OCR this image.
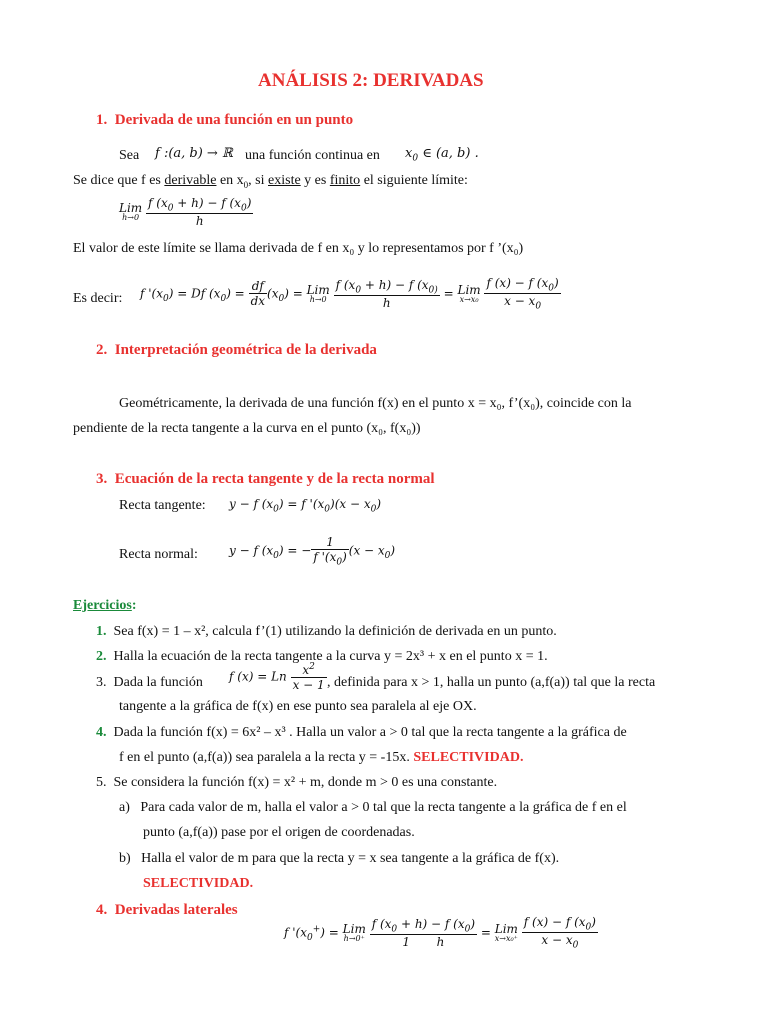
ANÁLISIS 2: DERIVADAS
1. Derivada de una función en un punto
Sea f :(a, b) → ℝ una función continua en $x_0$ ∈ (a, b) .
Se dice que f es derivable en $x_0$, si existe y es finito el siguiente límite:
Lim
h→0
$\frac{f (x_0 + h) - f (x_0)}{h}$
El valor de este límite se llama derivada de f en x₀ y lo representamos por f ’(x₀)
Es decir: f '$(x_0) = Df$ $(x_0) = \frac{df}{dx} (x_0)$ = Lim
h→0
$\frac{f (x_0 + h) - f (x_{0)}}{h}$ = Lim
x→x₀
$\frac{f (x) - f (x_0)}{x - x_0}$
2. Interpretación geométrica de la derivada
Geométricamente, la derivada de una función f(x) en el punto x = x₀, f’(x₀), coincide con la
pendiente de la recta tangente a la curva en el punto (x₀, f(x₀))
3. Ecuación de la recta tangente y de la recta normal
Recta tangente: y − f $(x_0) = f$ '$(x_0)(x - x_0)$
Recta normal:	y − f $(x_0)$ = − $\frac{1}{f '(x_0)} (x - x_0)$
Ejercicios:
1. Sea f(x) = 1 – x², calcula f’(1) utilizando la definición de derivada en un punto.
2. Halla la ecuación de la recta tangente a la curva y = 2x³ + x en el punto x = 1.
3. Dada la función f (x) = Ln $\frac{x^2}{x - 1}$ , definida para x > 1, halla un punto (a,f(a)) tal que la recta
tangente a la gráfica de f(x) en ese punto sea paralela al eje OX.
4. Dada la función f(x) = 6x² – x³ . Halla un valor a > 0 tal que la recta tangente a la gráfica de
f en el punto (a,f(a)) sea paralela a la recta y = -15x. SELECTIVIDAD.
5. Se considera la función f(x) = x² + m, donde m > 0 es una constante.
a) Para cada valor de m, halla el valor a > 0 tal que la recta tangente a la gráfica de f en el
punto (a,f(a)) pase por el origen de coordenadas.
b) Halla el valor de m para que la recta y = x sea tangente a la gráfica de f(x).
SELECTIVIDAD.
4. Derivadas laterales
f '$(x_0^+)$ = Lim
h→0⁺
$\frac{f (x_0 + h) - f (x_0)}{1 h}$ = Lim
x→x₀⁺
$\frac{f (x) - f (x_0)}{x - x_0}$
